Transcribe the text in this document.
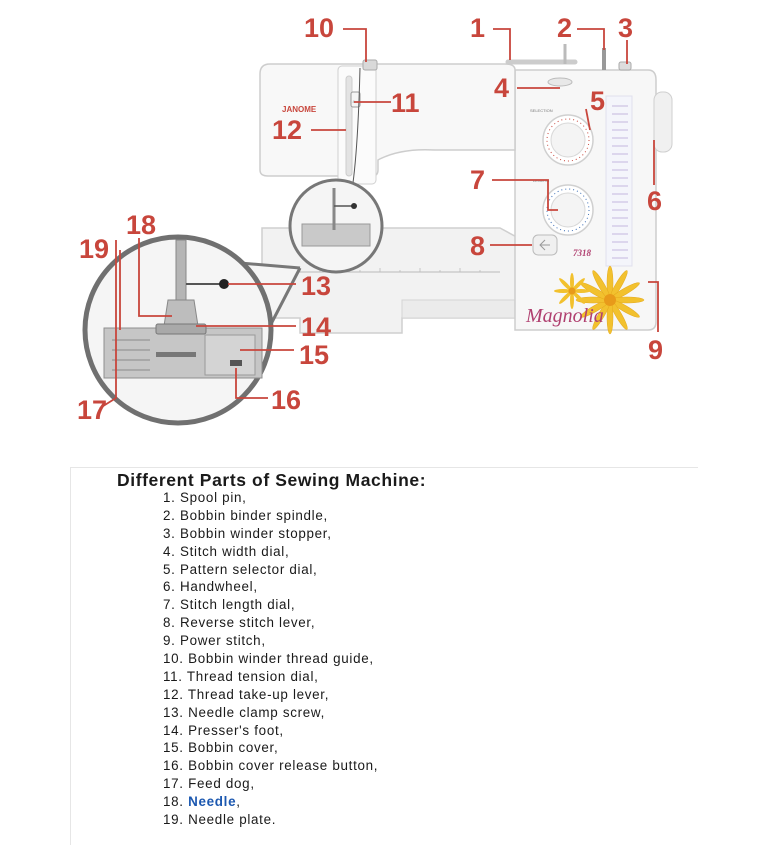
4
JANOME	SELECTION
LENGTH
7318
Magnolia
1	2 3
4	5
6
7
8
9
10
11
12
13
14
15
16
17
18
19
Different Parts of Sewing Machine:
1. Spool pin,
2. Bobbin binder spindle,
3. Bobbin winder stopper,
4. Stitch width dial,
5. Pattern selector dial,
6. Handwheel,
7. Stitch length dial,
8. Reverse stitch lever,
9. Power stitch,
10. Bobbin winder thread guide,
11. Thread tension dial,
12. Thread take-up lever,
13. Needle clamp screw,
14. Presser's foot,
15. Bobbin cover,
16. Bobbin cover release button,
17. Feed dog,
18. Needle,
19. Needle plate.
